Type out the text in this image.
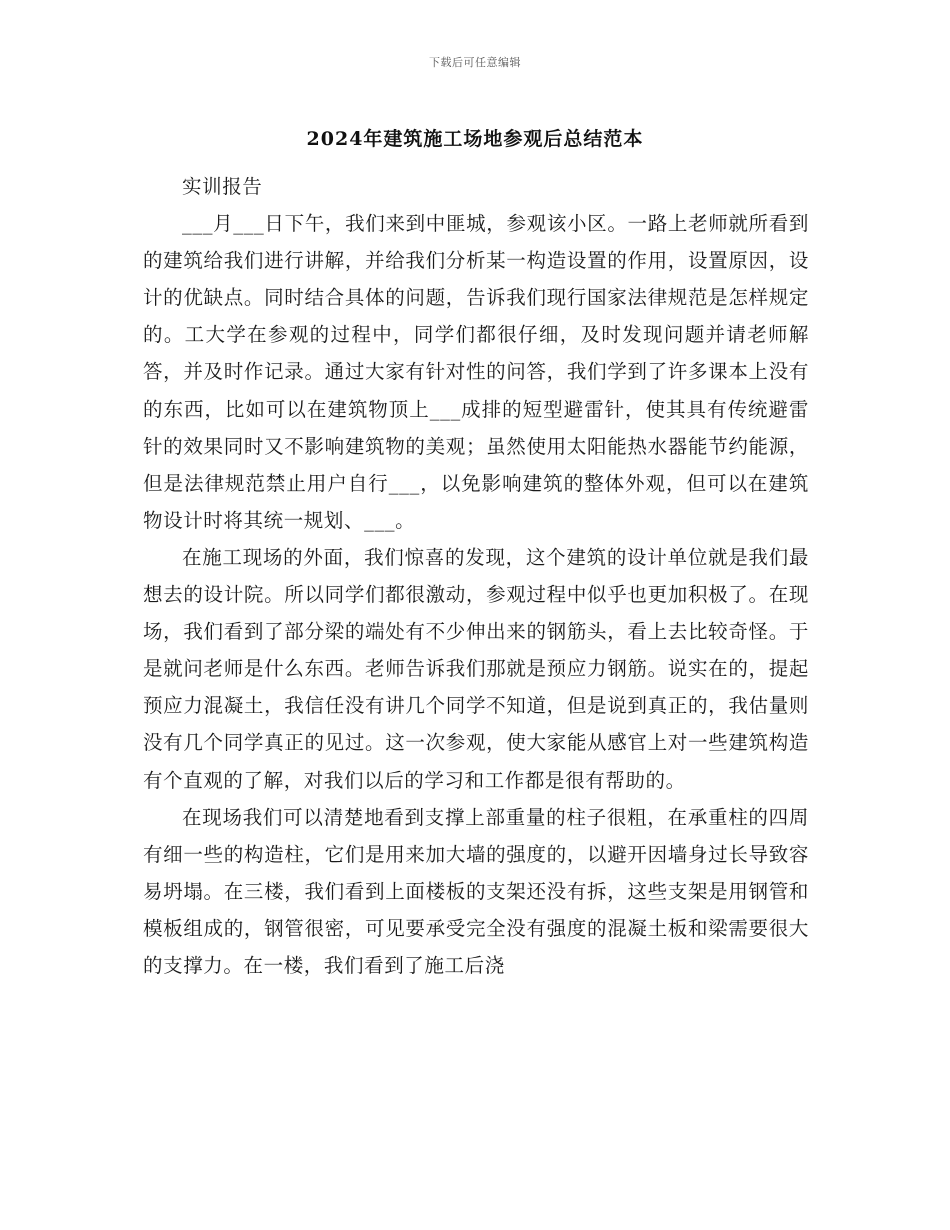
下载后可任意编辑
2024年建筑施工场地参观后总结范本

实训报告

___月___日下午，我们来到中匪城，参观该小区。一路上老师就所看到的建筑给我们进行讲解，并给我们分析某一构造设置的作用，设置原因，设计的优缺点。同时结合具体的问题，告诉我们现行国家法律规范是怎样规定的。工大学在参观的过程中，同学们都很仔细，及时发现问题并请老师解答，并及时作记录。通过大家有针对性的问答，我们学到了许多课本上没有的东西，比如可以在建筑物顶上___成排的短型避雷针，使其具有传统避雷针的效果同时又不影响建筑物的美观；虽然使用太阳能热水器能节约能源，但是法律规范禁止用户自行___，以免影响建筑的整体外观，但可以在建筑物设计时将其统一规划、___。

在施工现场的外面，我们惊喜的发现，这个建筑的设计单位就是我们最想去的设计院。所以同学们都很激动，参观过程中似乎也更加积极了。在现场，我们看到了部分梁的端处有不少伸出来的钢筋头，看上去比较奇怪。于是就问老师是什么东西。老师告诉我们那就是预应力钢筋。说实在的，提起预应力混凝土，我信任没有讲几个同学不知道，但是说到真正的，我估量则没有几个同学真正的见过。这一次参观，使大家能从感官上对一些建筑构造有个直观的了解，对我们以后的学习和工作都是很有帮助的。

在现场我们可以清楚地看到支撑上部重量的柱子很粗，在承重柱的四周有细一些的构造柱，它们是用来加大墙的强度的，以避开因墙身过长导致容易坍塌。在三楼，我们看到上面楼板的支架还没有拆，这些支架是用钢管和模板组成的，钢管很密，可见要承受完全没有强度的混凝土板和梁需要很大的支撑力。在一楼，我们看到了施工后浇
